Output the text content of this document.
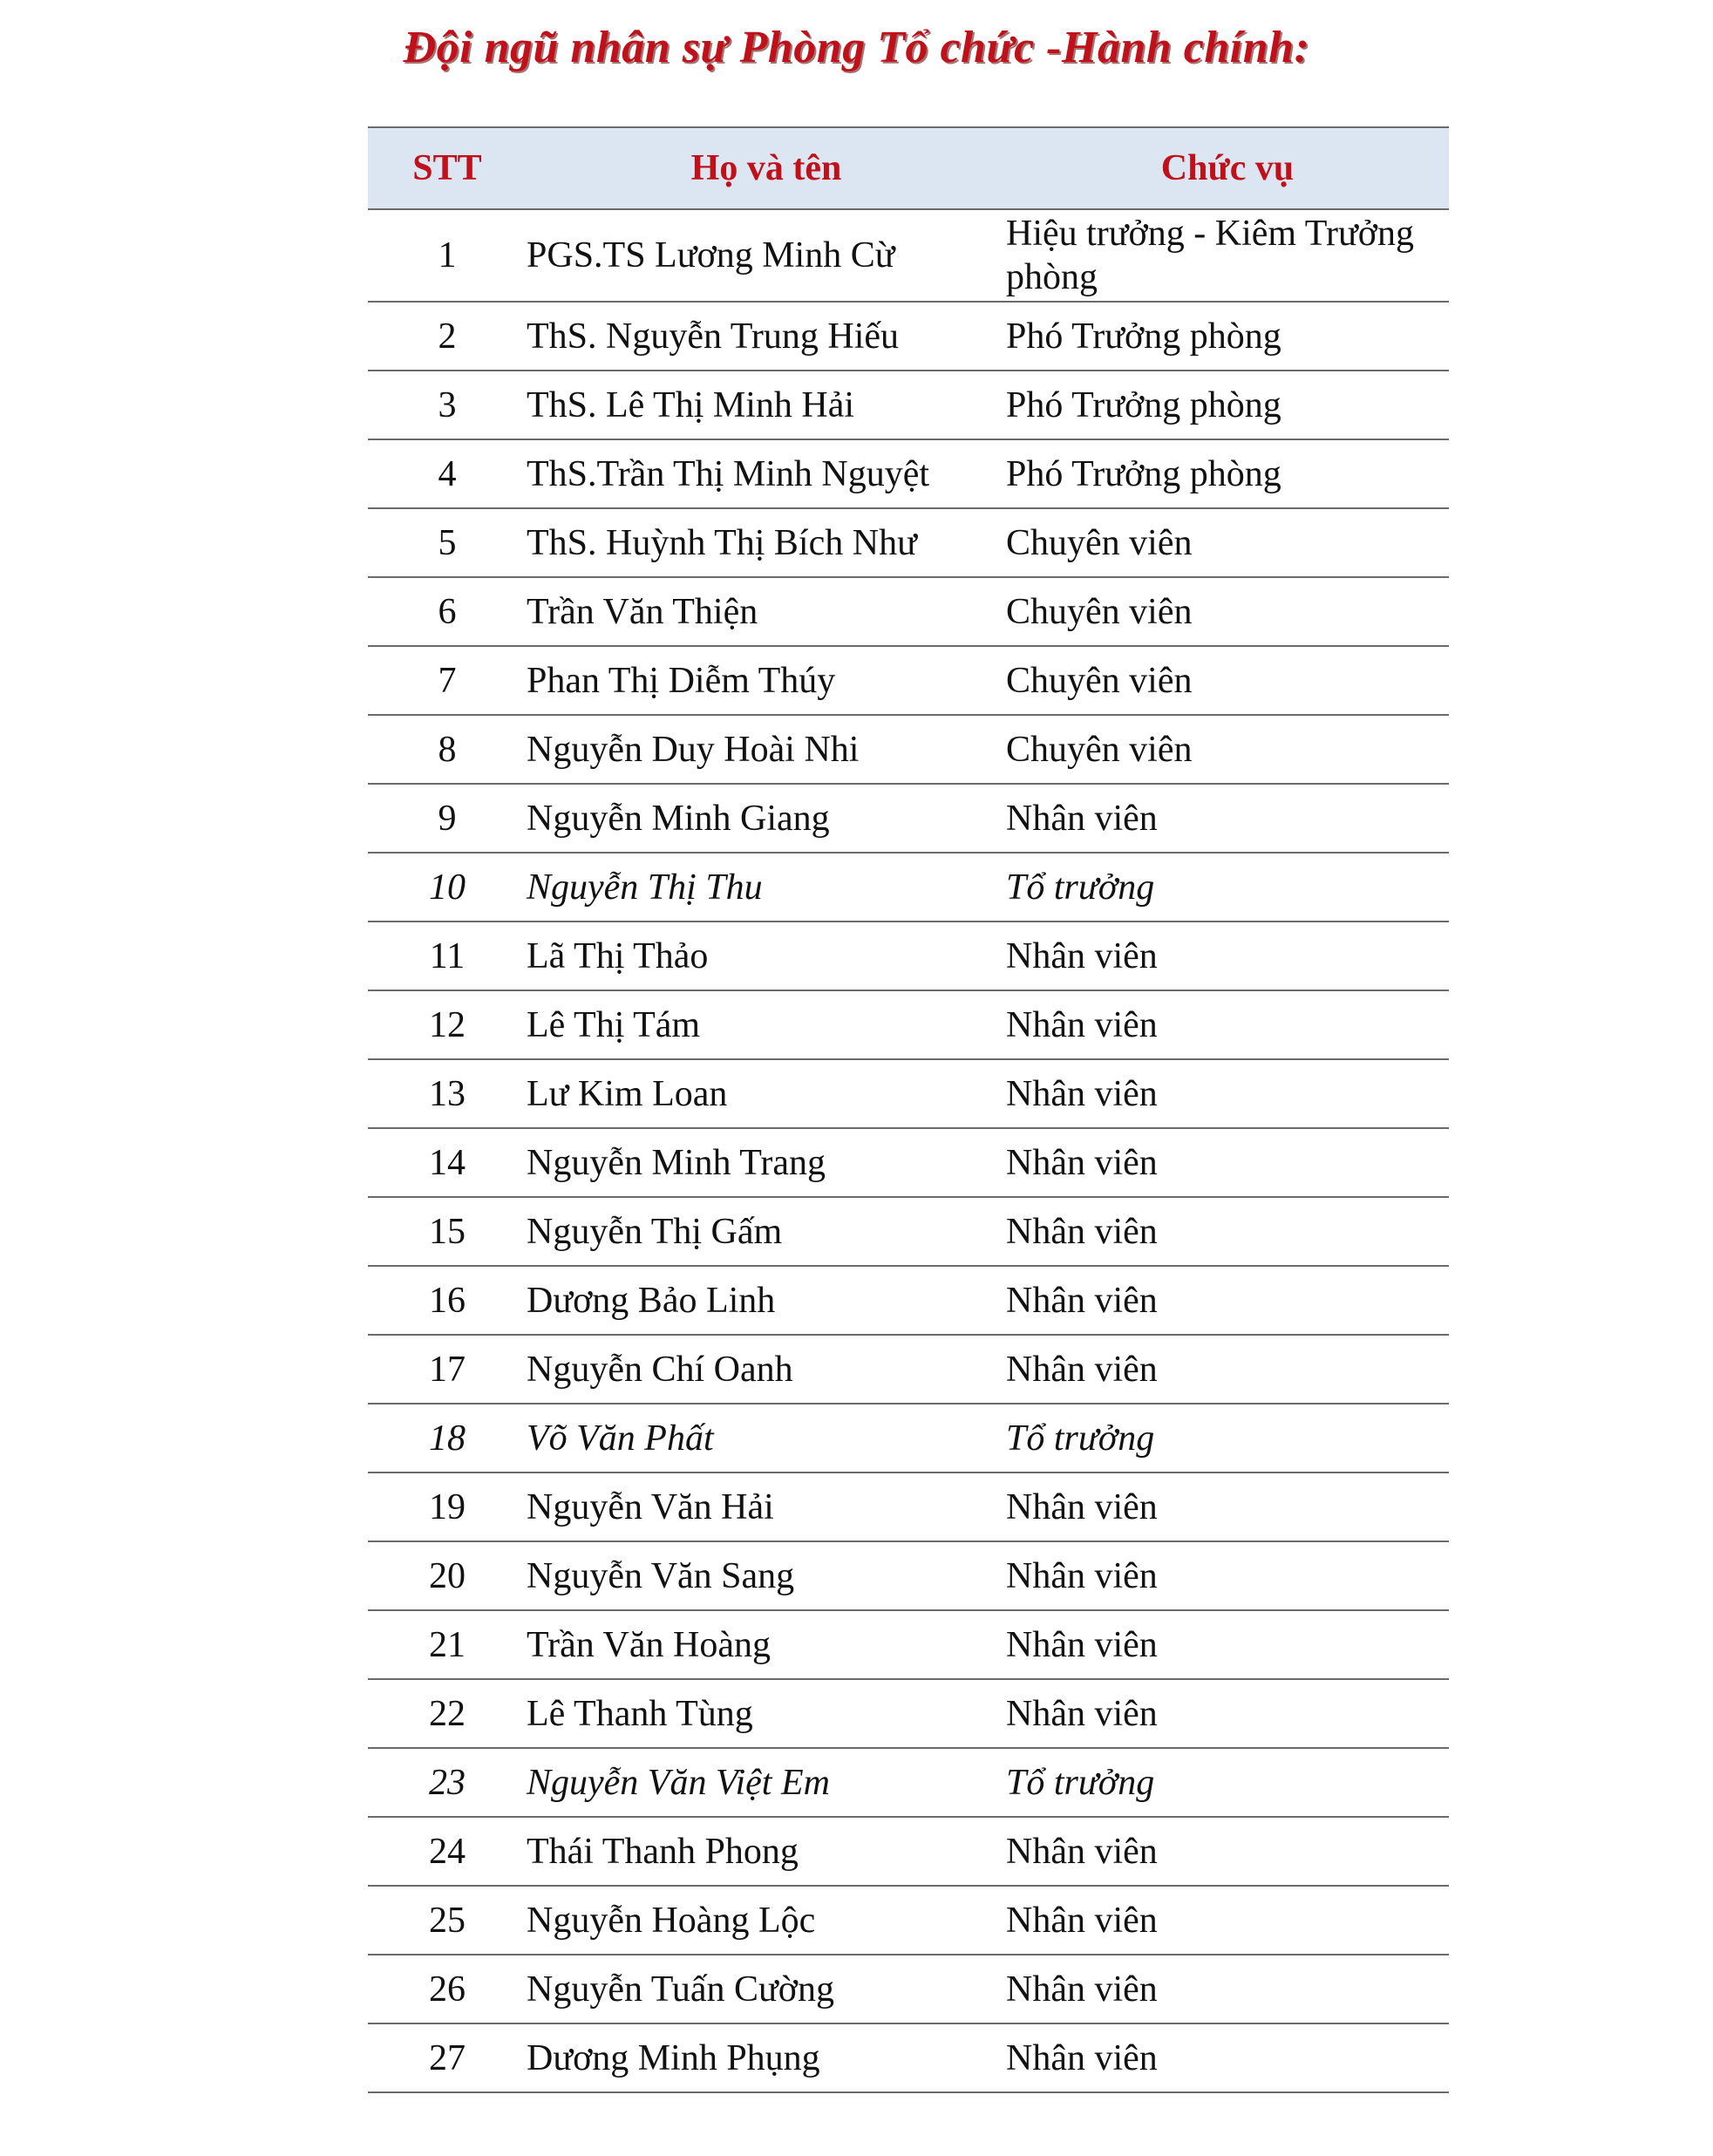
Đội ngũ nhân sự Phòng Tổ chức -Hành chính:
STT	Họ và tên	Chức vụ
1	PGS.TS Lương Minh Cừ	Hiệu trưởng - Kiêm Trưởng phòng
2	ThS. Nguyễn Trung Hiếu	Phó Trưởng phòng
3	ThS. Lê Thị Minh Hải	Phó Trưởng phòng
4	ThS.Trần Thị Minh Nguyệt	Phó Trưởng phòng
5	ThS. Huỳnh Thị Bích Như	Chuyên viên
6	Trần Văn Thiện	Chuyên viên
7	Phan Thị Diễm Thúy	Chuyên viên
8	Nguyễn Duy Hoài Nhi	Chuyên viên
9	Nguyễn Minh Giang	Nhân viên
10	Nguyễn Thị Thu	Tổ trưởng
11	Lã Thị Thảo	Nhân viên
12	Lê Thị Tám	Nhân viên
13	Lư Kim Loan	Nhân viên
14	Nguyễn Minh Trang	Nhân viên
15	Nguyễn Thị Gấm	Nhân viên
16	Dương Bảo Linh	Nhân viên
17	Nguyễn Chí Oanh	Nhân viên
18	Võ Văn Phất	Tổ trưởng
19	Nguyễn Văn Hải	Nhân viên
20	Nguyễn Văn Sang	Nhân viên
21	Trần Văn Hoàng	Nhân viên
22	Lê Thanh Tùng	Nhân viên
23	Nguyễn Văn Việt Em	Tổ trưởng
24	Thái Thanh Phong	Nhân viên
25	Nguyễn Hoàng Lộc	Nhân viên
26	Nguyễn Tuấn Cường	Nhân viên
27	Dương Minh Phụng	Nhân viên
